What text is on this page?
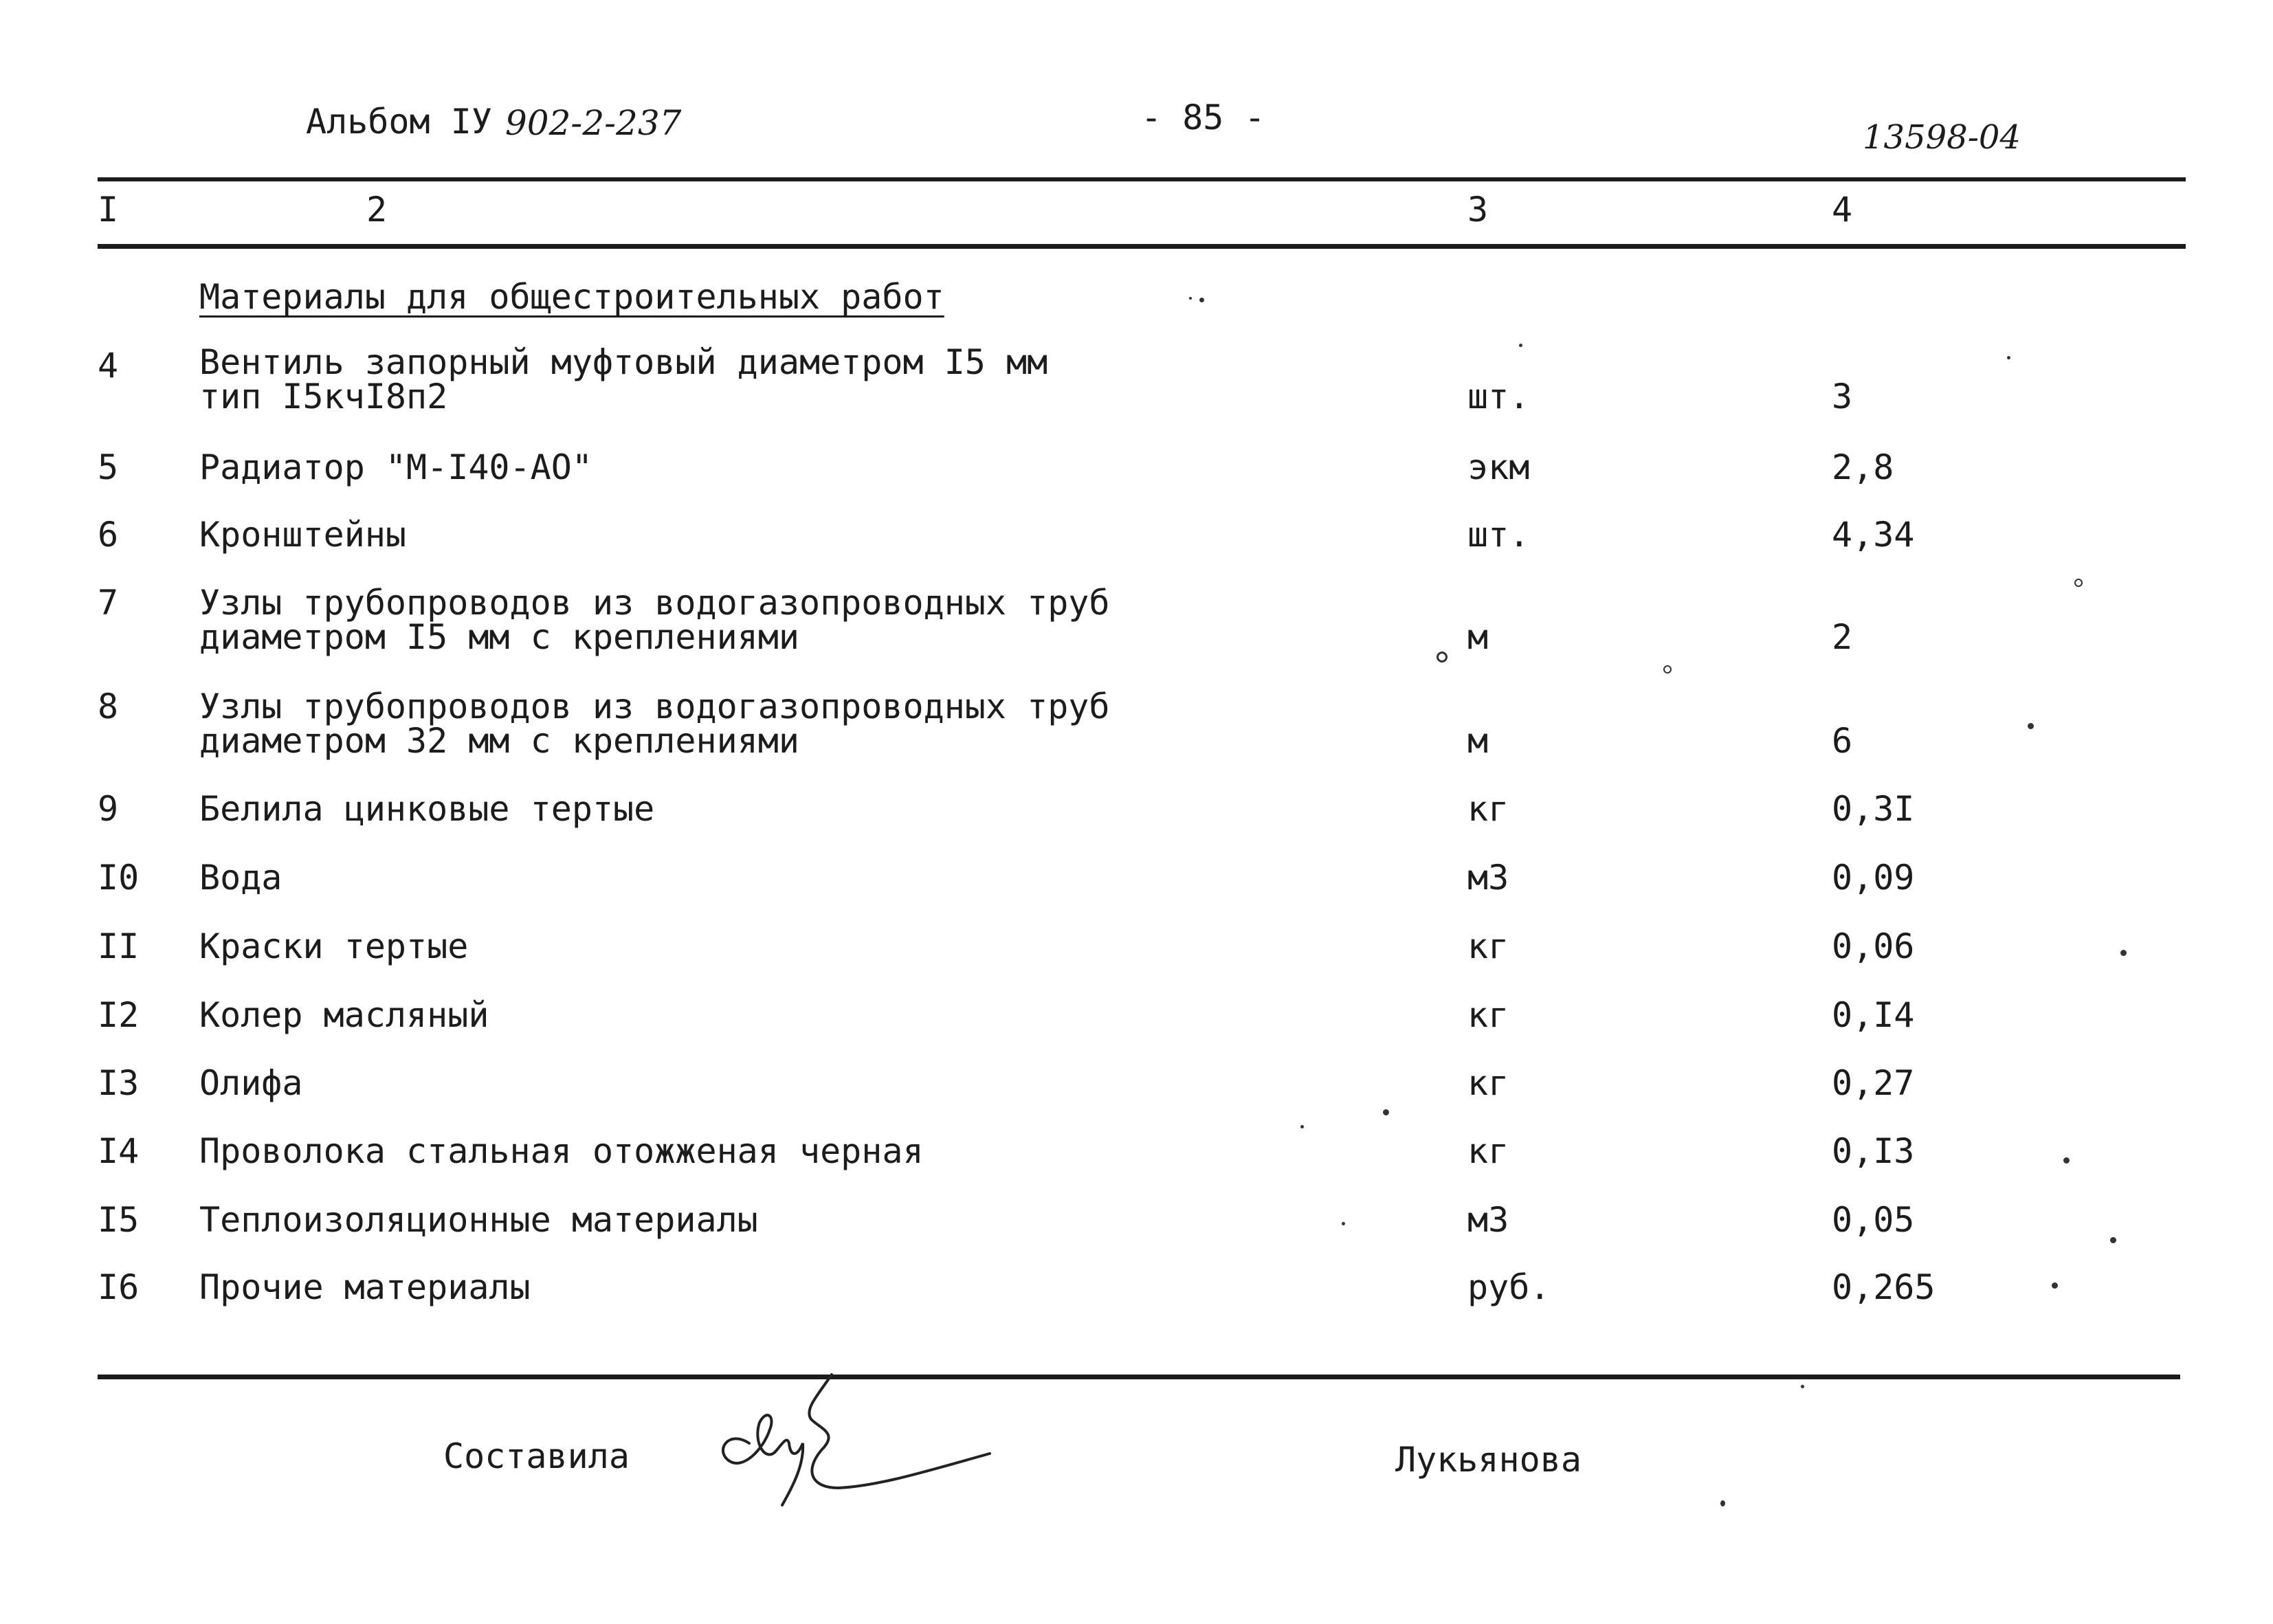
Альбом IУ 902-2-237	- 85 -	13598-04
I	2	3	4
Материалы для общестроительных работ
4 Вентиль запорный муфтовый диаметром I5 мм
тип I5кчI8п2	шт.	3
5 Радиатор "М-I40-АО"	экм	2,8
6 Кронштейны	шт.	4,34
7 Узлы трубопроводов из водогазопроводных труб
диаметром I5 мм с креплениями	м	2
8 Узлы трубопроводов из водогазопроводных труб
диаметром 32 мм с креплениями	м	6
9 Белила цинковые тертые	кг	0,3I
I0 Вода	м3	0,09
II Краски тертые	кг	0,06
I2 Колер масляный	кг	0,I4
I3 Олифа	кг	0,27
I4 Проволока стальная отожженая черная	кг	0,I3
I5 Теплоизоляционные материалы	м3	0,05
I6 Прочие материалы	руб.	0,265
Составила	Лукьянова
